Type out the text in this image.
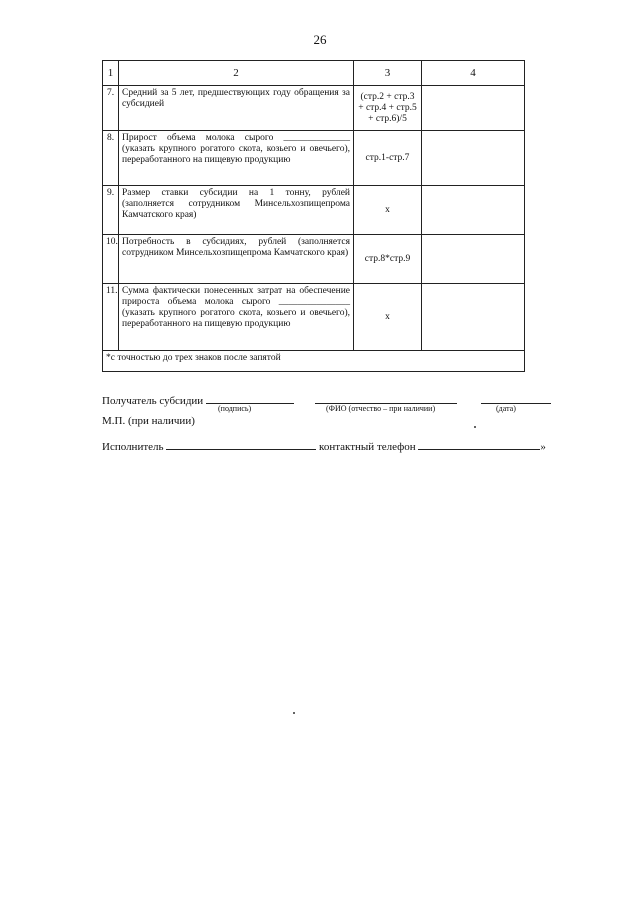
26
1	2	3	4
7.	Средний за 5 лет, предшествующих году обращения за субсидией	(стр.2 + стр.3 + стр.4 + стр.5 + стр.6)/5	
8.	Прирост объема молока сырого ______________ (указать крупного рогатого скота, козьего и овечьего), переработанного на пищевую продукцию	стр.1-стр.7	
9.	Размер ставки субсидии на 1 тонну, рублей (заполняется сотрудником Минсельхозпищепрома Камчатского края)	x	
10.	Потребность в субсидиях, рублей (заполняется сотрудником Минсельхозпищепрома Камчатского края)	стр.8*стр.9	
11.	Сумма фактически понесенных затрат на обеспечение прироста объема молока сырого _______________ (указать крупного рогатого скота, козьего и овечьего), переработанного на пищевую продукцию	x	
*с точностью до трех знаков после запятой			
Получатель субсидии
(подпись)	(ФИО (отчество – при наличии)	(дата)
М.П. (при наличии)
Исполнитель	контактный телефон	»
